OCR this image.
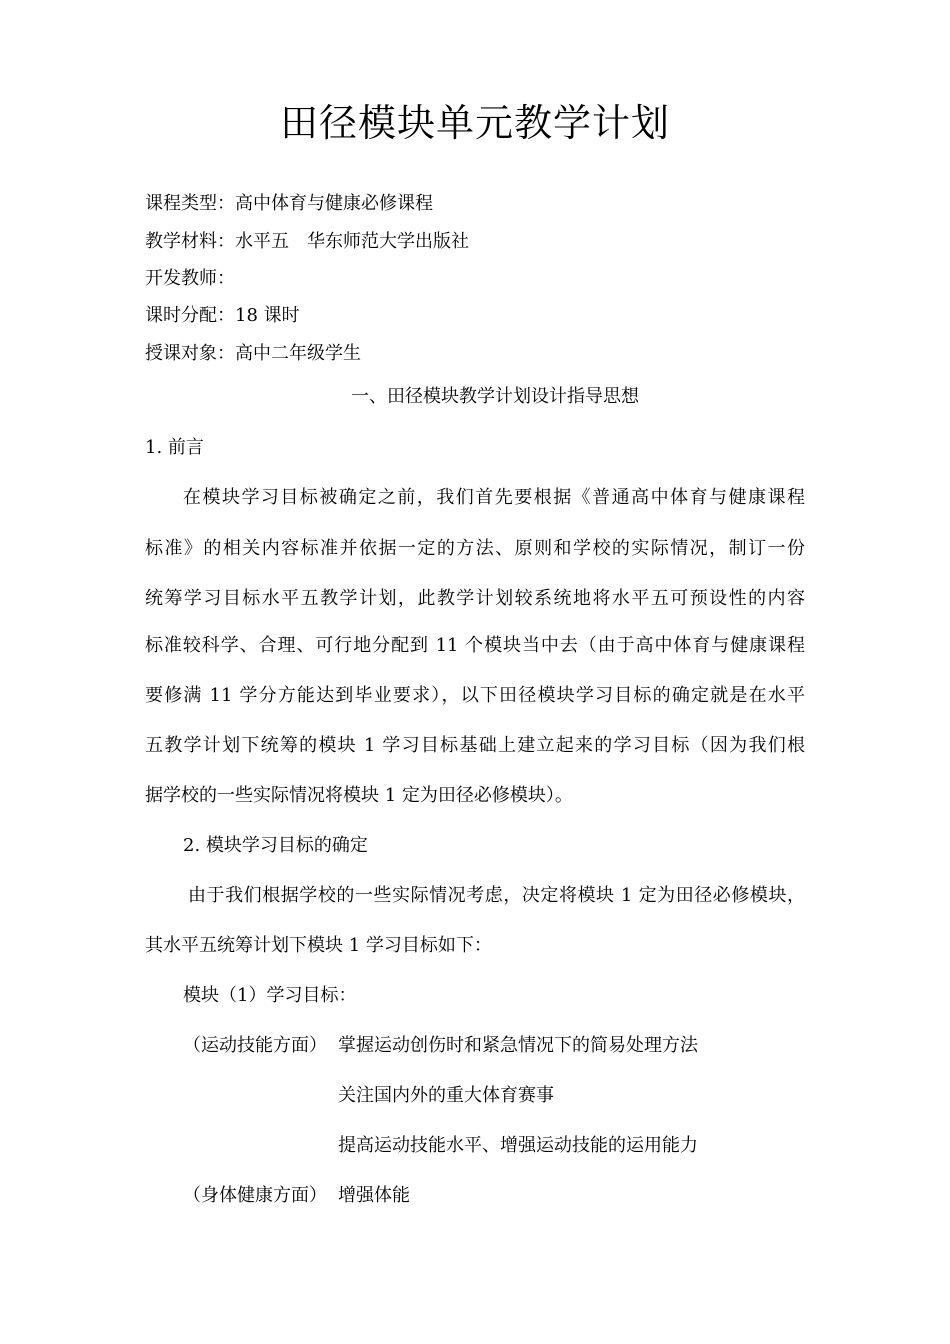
田径模块单元教学计划
课程类型：高中体育与健康必修课程
教学材料：水平五　华东师范大学出版社
开发教师：
课时分配：18 课时
授课对象：高中二年级学生
一、田径模块教学计划设计指导思想
1. 前言
在模块学习目标被确定之前，我们首先要根据《普通高中体育与健康课程
标准》的相关内容标准并依据一定的方法、原则和学校的实际情况，制订一份
统筹学习目标水平五教学计划，此教学计划较系统地将水平五可预设性的内容
标准较科学、合理、可行地分配到 11 个模块当中去（由于高中体育与健康课程
要修满 11 学分方能达到毕业要求），以下田径模块学习目标的确定就是在水平
五教学计划下统筹的模块 1 学习目标基础上建立起来的学习目标（因为我们根
据学校的一些实际情况将模块 1 定为田径必修模块）。
2. 模块学习目标的确定
由于我们根据学校的一些实际情况考虑，决定将模块 1 定为田径必修模块，
其水平五统筹计划下模块 1 学习目标如下：
模块（1）学习目标：
（运动技能方面） 掌握运动创伤时和紧急情况下的简易处理方法
关注国内外的重大体育赛事
提高运动技能水平、增强运动技能的运用能力
（身体健康方面） 增强体能
